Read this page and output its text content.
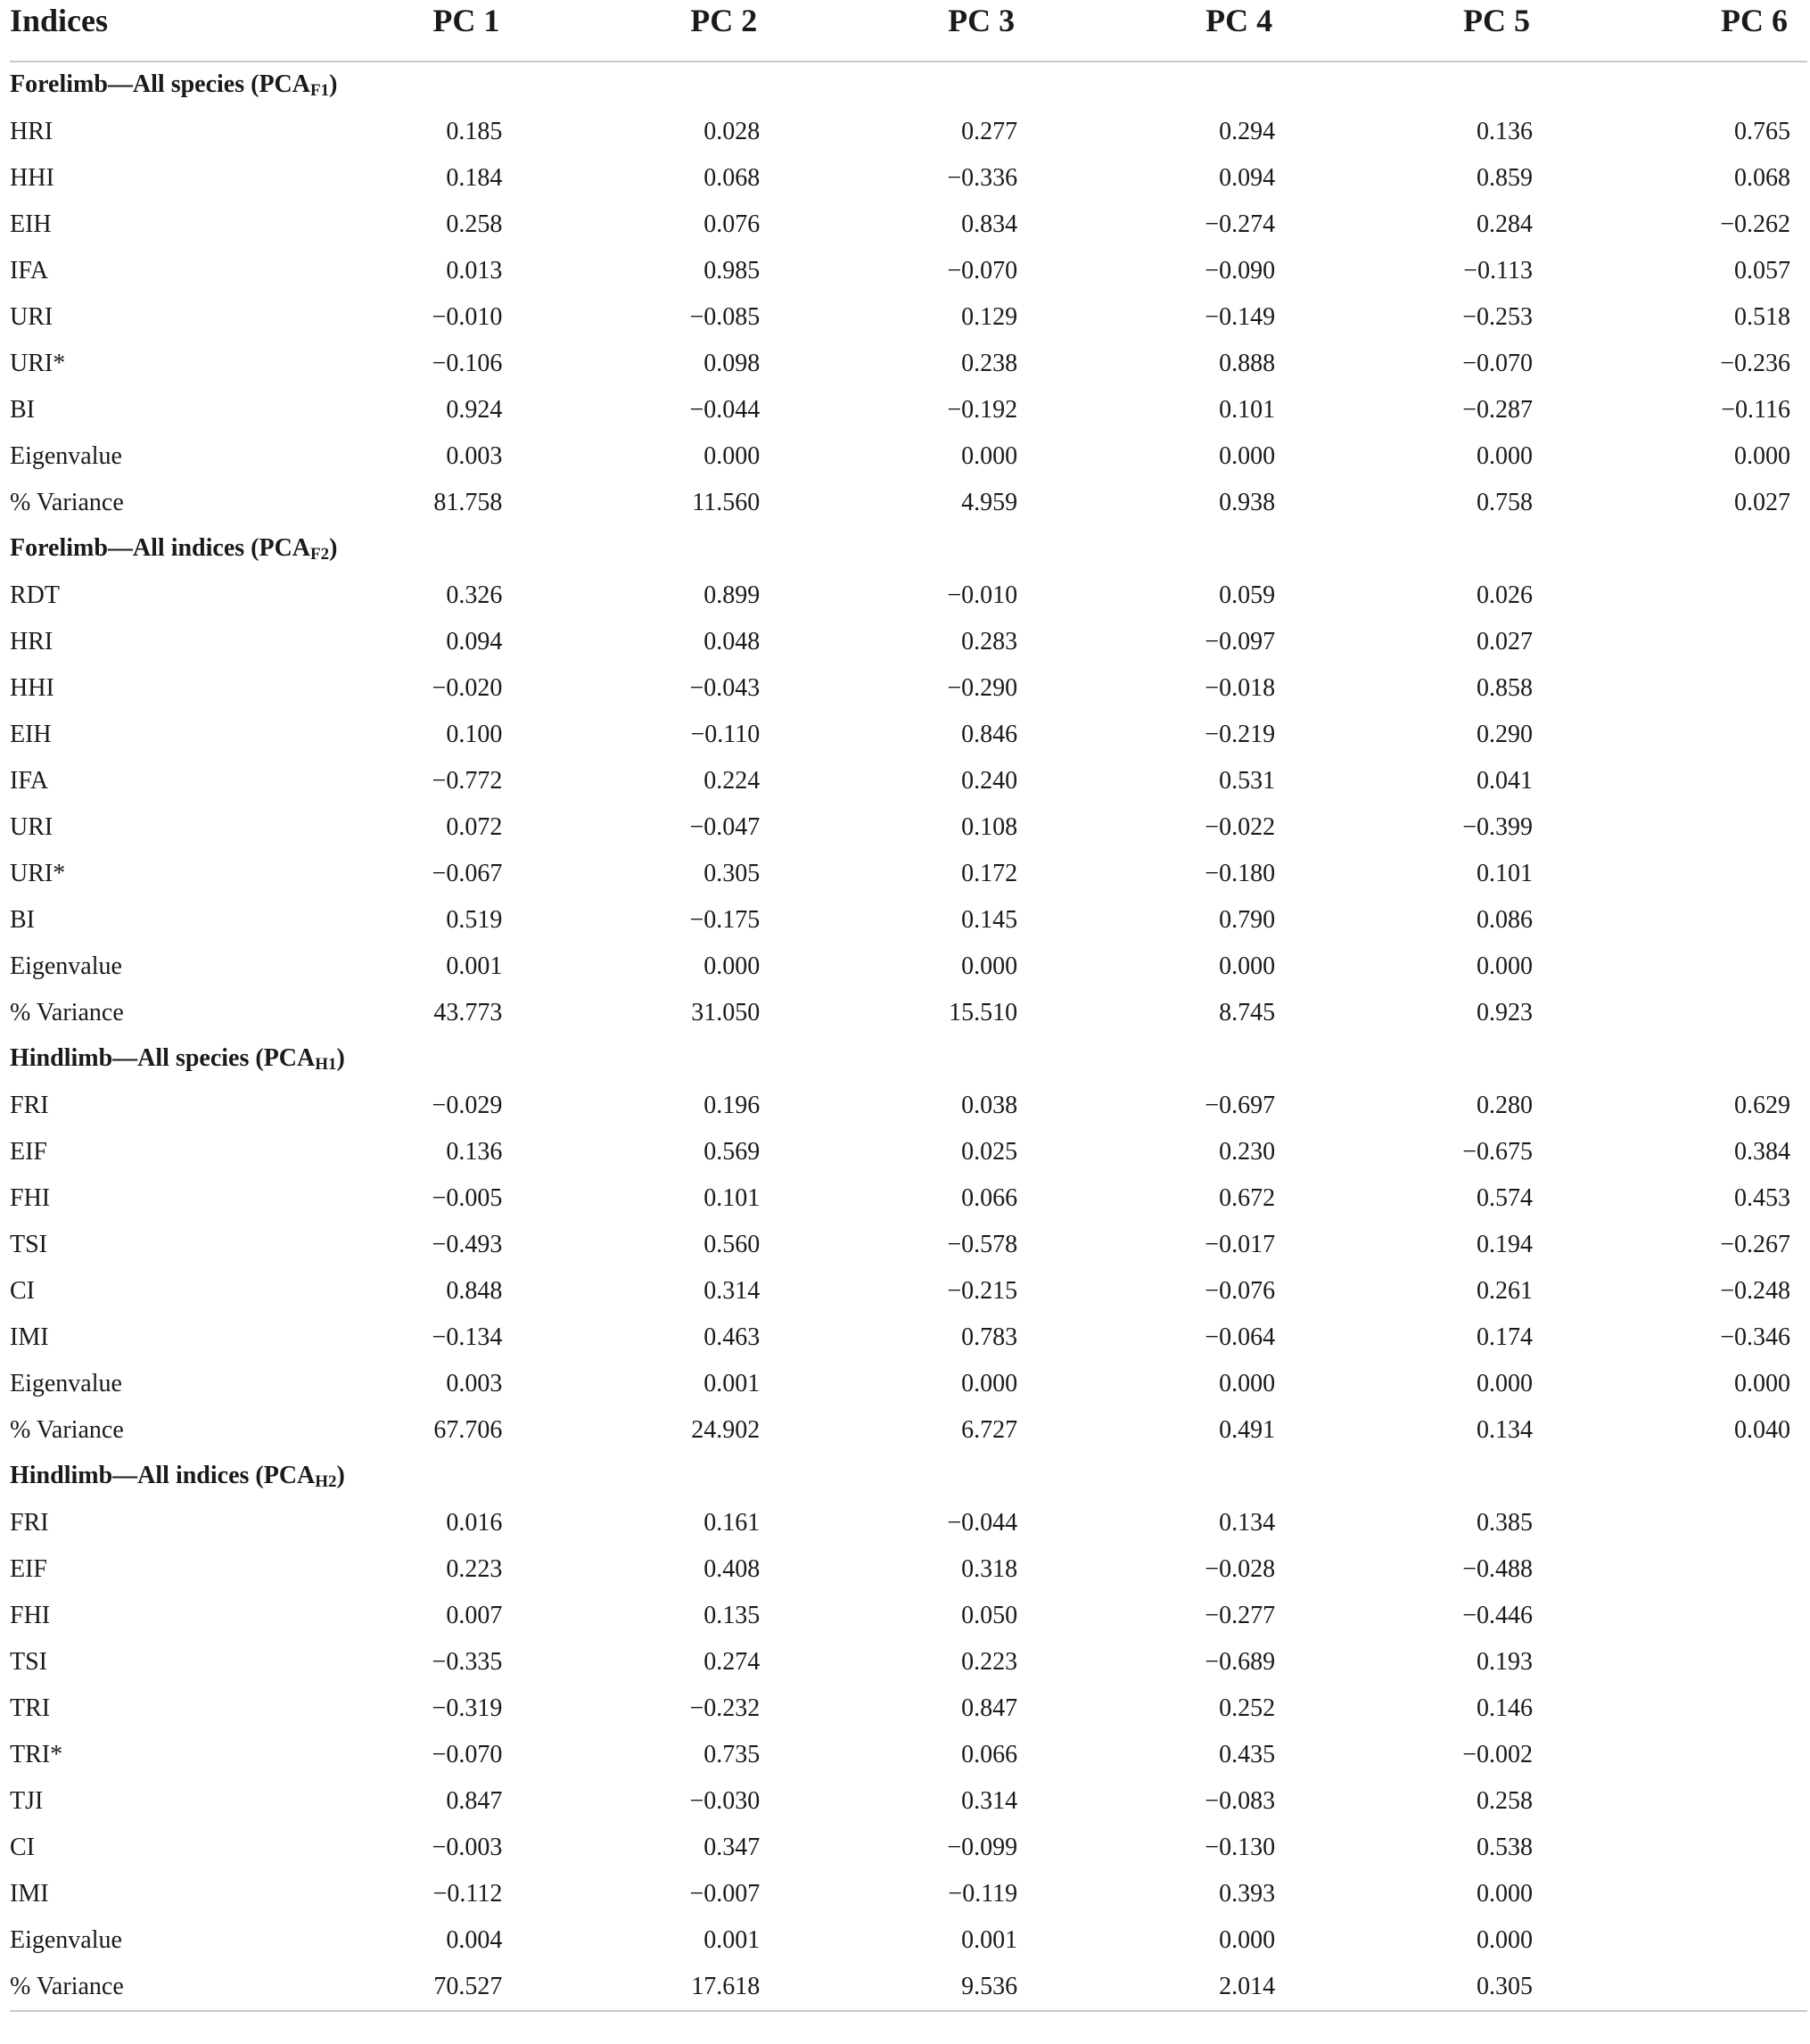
Indices	PC 1	PC 2	PC 3	PC 4	PC 5	PC 6
Forelimb—All species $(PCA_{F1})$						
HRI	0.185	0.028	0.277	0.294	0.136	0.765
HHI	0.184	0.068	−0.336	0.094	0.859	0.068
EIH	0.258	0.076	0.834	−0.274	0.284	−0.262
IFA	0.013	0.985	−0.070	−0.090	−0.113	0.057
URI	−0.010	−0.085	0.129	−0.149	−0.253	0.518
URI*	−0.106	0.098	0.238	0.888	−0.070	−0.236
BI	0.924	−0.044	−0.192	0.101	−0.287	−0.116
Eigenvalue	0.003	0.000	0.000	0.000	0.000	0.000
% Variance	81.758	11.560	4.959	0.938	0.758	0.027
Forelimb—All indices $(PCA_{F2})$						
RDT	0.326	0.899	−0.010	0.059	0.026	
HRI	0.094	0.048	0.283	−0.097	0.027	
HHI	−0.020	−0.043	−0.290	−0.018	0.858	
EIH	0.100	−0.110	0.846	−0.219	0.290	
IFA	−0.772	0.224	0.240	0.531	0.041	
URI	0.072	−0.047	0.108	−0.022	−0.399	
URI*	−0.067	0.305	0.172	−0.180	0.101	
BI	0.519	−0.175	0.145	0.790	0.086	
Eigenvalue	0.001	0.000	0.000	0.000	0.000	
% Variance	43.773	31.050	15.510	8.745	0.923	
Hindlimb—All species $(PCA_{H1})$						
FRI	−0.029	0.196	0.038	−0.697	0.280	0.629
EIF	0.136	0.569	0.025	0.230	−0.675	0.384
FHI	−0.005	0.101	0.066	0.672	0.574	0.453
TSI	−0.493	0.560	−0.578	−0.017	0.194	−0.267
CI	0.848	0.314	−0.215	−0.076	0.261	−0.248
IMI	−0.134	0.463	0.783	−0.064	0.174	−0.346
Eigenvalue	0.003	0.001	0.000	0.000	0.000	0.000
% Variance	67.706	24.902	6.727	0.491	0.134	0.040
Hindlimb—All indices $(PCA_{H2})$						
FRI	0.016	0.161	−0.044	0.134	0.385	
EIF	0.223	0.408	0.318	−0.028	−0.488	
FHI	0.007	0.135	0.050	−0.277	−0.446	
TSI	−0.335	0.274	0.223	−0.689	0.193	
TRI	−0.319	−0.232	0.847	0.252	0.146	
TRI*	−0.070	0.735	0.066	0.435	−0.002	
TJI	0.847	−0.030	0.314	−0.083	0.258	
CI	−0.003	0.347	−0.099	−0.130	0.538	
IMI	−0.112	−0.007	−0.119	0.393	0.000	
Eigenvalue	0.004	0.001	0.001	0.000	0.000	
% Variance	70.527	17.618	9.536	2.014	0.305	
